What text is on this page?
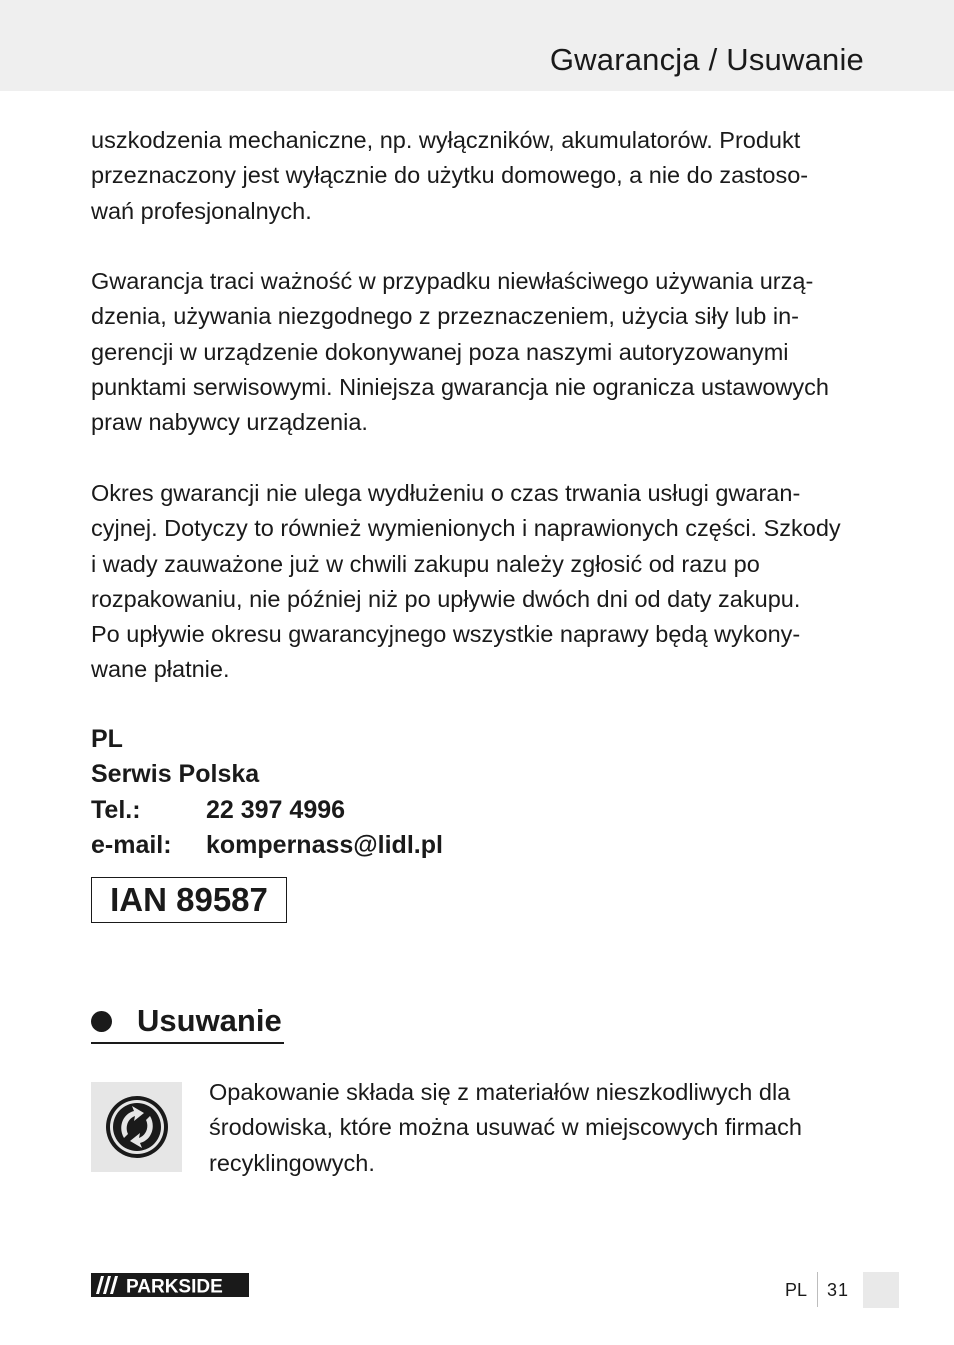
Gwarancja / Usuwanie

uszkodzenia mechaniczne, np. wyłączników, akumulatorów. Produkt
przeznaczony jest wyłącznie do użytku domowego, a nie do zastoso-
wań profesjonalnych.

Gwarancja traci ważność w przypadku niewłaściwego używania urzą-
dzenia, używania niezgodnego z przeznaczeniem, użycia siły lub in-
gerencji w urządzenie dokonywanej poza naszymi autoryzowanymi
punktami serwisowymi. Niniejsza gwarancja nie ogranicza ustawowych
praw nabywcy urządzenia.

Okres gwarancji nie ulega wydłużeniu o czas trwania usługi gwaran-
cyjnej. Dotyczy to również wymienionych i naprawionych części. Szkody
i wady zauważone już w chwili zakupu należy zgłosić od razu po
rozpakowaniu, nie później niż po upływie dwóch dni od daty zakupu.
Po upływie okresu gwarancyjnego wszystkie naprawy będą wykony-
wane płatnie.

PL
Serwis Polska
Tel.:	22 397 4996
e-mail:	kompernass@lidl.pl
IAN 89587
Usuwanie
Opakowanie składa się z materiałów nieszkodliwych dla
środowiska, które można usuwać w miejscowych firmach
recyklingowych.
PARKSIDE	PL 31
